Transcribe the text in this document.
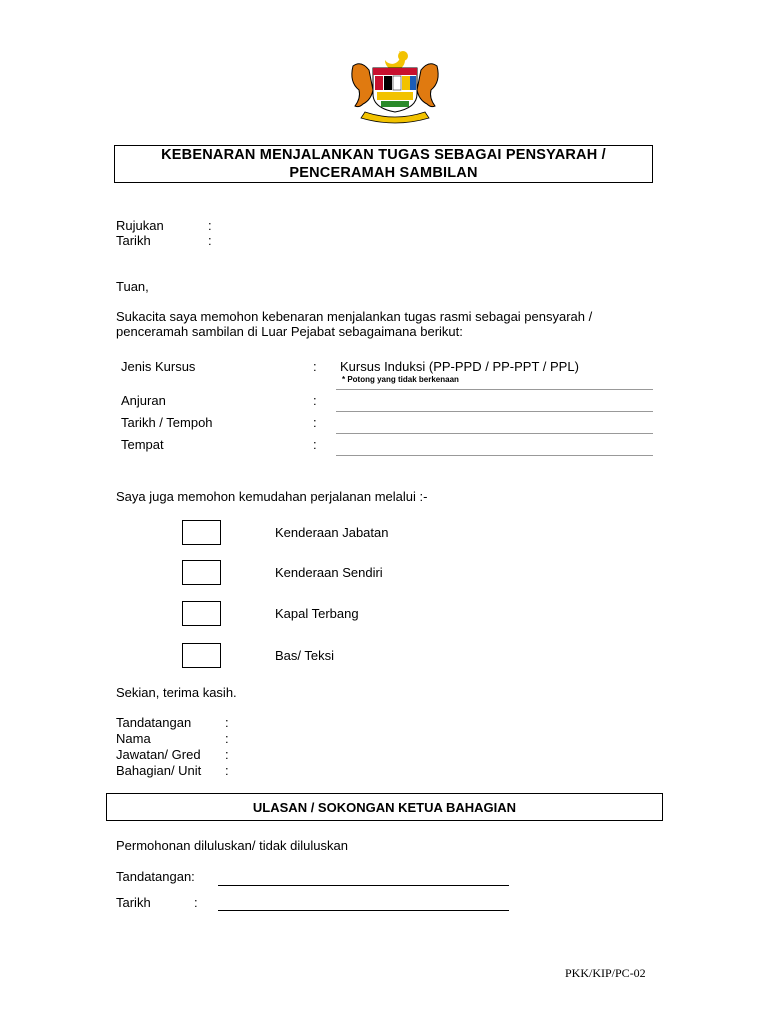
KEBENARAN MENJALANKAN TUGAS SEBAGAI PENSYARAH /
PENCERAMAH SAMBILAN
Rujukan	:
Tarikh	:
Tuan,
Sukacita saya memohon kebenaran menjalankan tugas rasmi sebagai pensyarah /
penceramah sambilan di Luar Pejabat sebagaimana berikut:
Jenis Kursus	: Kursus Induksi (PP-PPD / PP-PPT / PPL)
* Potong yang tidak berkenaan
Anjuran	:
Tarikh / Tempoh	:
Tempat	:
Saya juga memohon kemudahan perjalanan melalui :-
Kenderaan Jabatan
Kenderaan Sendiri
Kapal Terbang
Bas/ Teksi
Sekian, terima kasih.
Tandatangan	:
Nama	:
Jawatan/ Gred :
Bahagian/ Unit :
ULASAN / SOKONGAN KETUA BAHAGIAN
Permohonan diluluskan/ tidak diluluskan
Tandatangan:
Tarikh	:
PKK/KIP/PC-02
